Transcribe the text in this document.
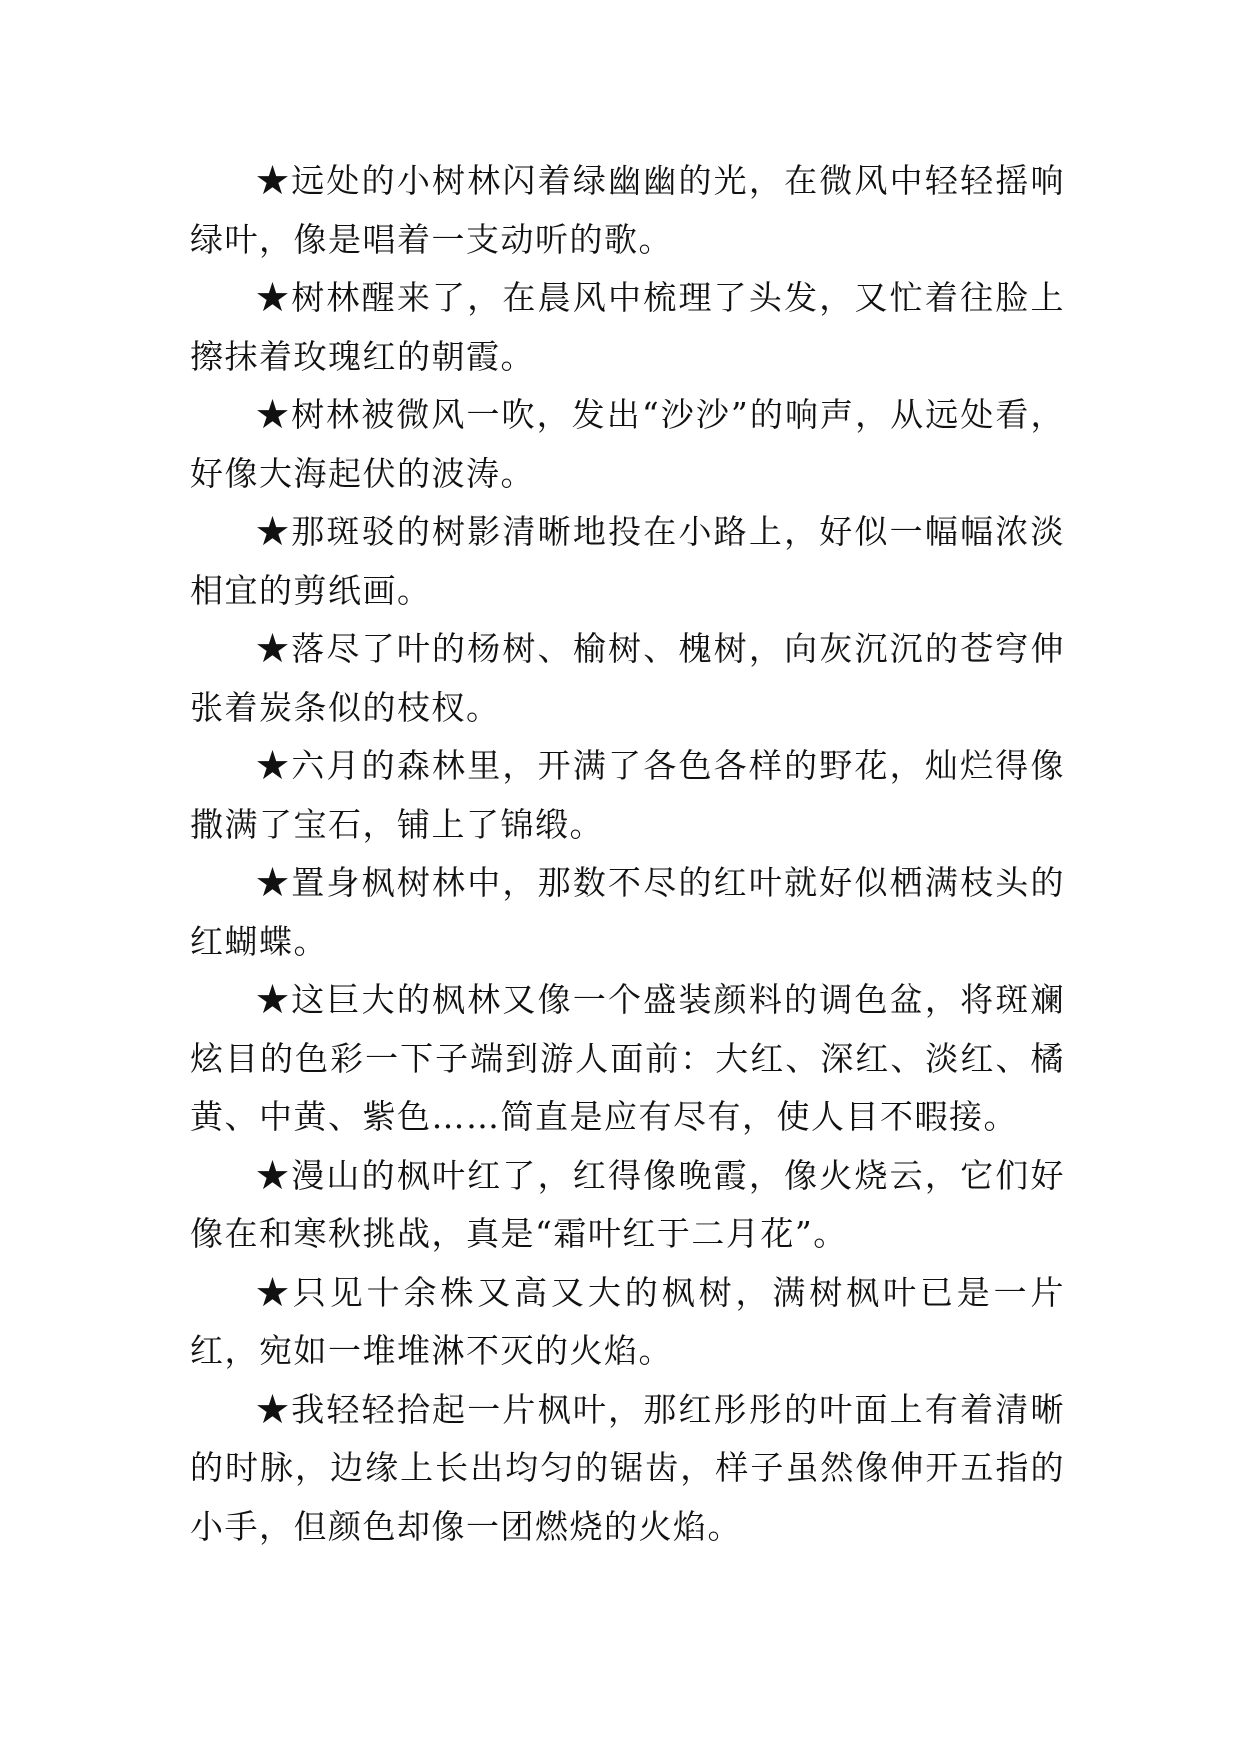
★远处的小树林闪着绿幽幽的光，在微风中轻轻摇响绿叶，像是唱着一支动听的歌。

★树林醒来了，在晨风中梳理了头发，又忙着往脸上擦抹着玫瑰红的朝霞。

★树林被微风一吹，发出“沙沙”的响声，从远处看，好像大海起伏的波涛。

★那斑驳的树影清晰地投在小路上，好似一幅幅浓淡相宜的剪纸画。

★落尽了叶的杨树、榆树、槐树，向灰沉沉的苍穹伸张着炭条似的枝杈。

★六月的森林里，开满了各色各样的野花，灿烂得像撒满了宝石，铺上了锦缎。

★置身枫树林中，那数不尽的红叶就好似栖满枝头的红蝴蝶。

★这巨大的枫林又像一个盛装颜料的调色盆，将斑斓炫目的色彩一下子端到游人面前：大红、深红、淡红、橘黄、中黄、紫色……简直是应有尽有，使人目不暇接。

★漫山的枫叶红了，红得像晚霞，像火烧云，它们好像在和寒秋挑战，真是“霜叶红于二月花”。

★只见十余株又高又大的枫树，满树枫叶已是一片红，宛如一堆堆淋不灭的火焰。

★我轻轻拾起一片枫叶，那红彤彤的叶面上有着清晰的时脉，边缘上长出均匀的锯齿，样子虽然像伸开五指的小手，但颜色却像一团燃烧的火焰。
